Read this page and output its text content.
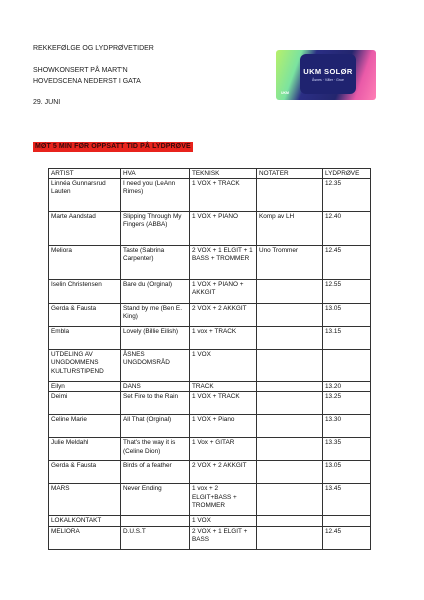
REKKEFØLGE OG LYDPRØVETIDER
SHOWKONSERT PÅ MART'N
HOVEDSCENA NEDERST I GATA
29. JUNI
MØT 5 MIN FØR OPPSATT TID PÅ LYDPRØVE
UKM SOLØR
Åsnes · Våler · Grue
UKM
ARTIST	HVA	TEKNISK	NOTATER	LYDPRØVE
Linnéa Gunnarsrud Lauten	I need you (LeAnn Rimes)	1 VOX + TRACK		12.35
Marte Aandstad	Slipping Through My Fingers (ABBA)	1 VOX + PIANO	Komp av LH	12.40
Meliora	Taste (Sabrina Carpenter)	2 VOX + 1 ELGIT + 1 BASS + TROMMER	Uno Trommer	12.45
Iselin Christensen	Bare du (Orginal)	1 VOX + PIANO + AKKGIT		12.55
Gerda & Fausta	Stand by me (Ben E. King)	2 VOX + 2 AKKGIT		13.05
Embla	Lovely (Billie Eilish)	1 vox + TRACK		13.15
UTDELING AV UNGDOMMENS KULTURSTIPEND	ÅSNES UNGDOMSRÅD	1 VOX		
Eilyn	DANS	TRACK		13.20
Deimi	Set Fire to the Rain	1 VOX + TRACK		13.25
Celine Marie	All That (Orginal)	1 VOX + Piano		13.30
Julie Meldahl	That's the way it is (Celine Dion)	1 Vox + GITAR		13.35
Gerda & Fausta	Birds of a feather	2 VOX + 2 AKKGIT		13.05
MARS	Never Ending	1 vox + 2 ELGIT+BASS + TROMMER		13.45
LOKALKONTAKT		1 VOX		
MELIORA	D.U.S.T	2 VOX + 1 ELGIT + BASS		12.45
